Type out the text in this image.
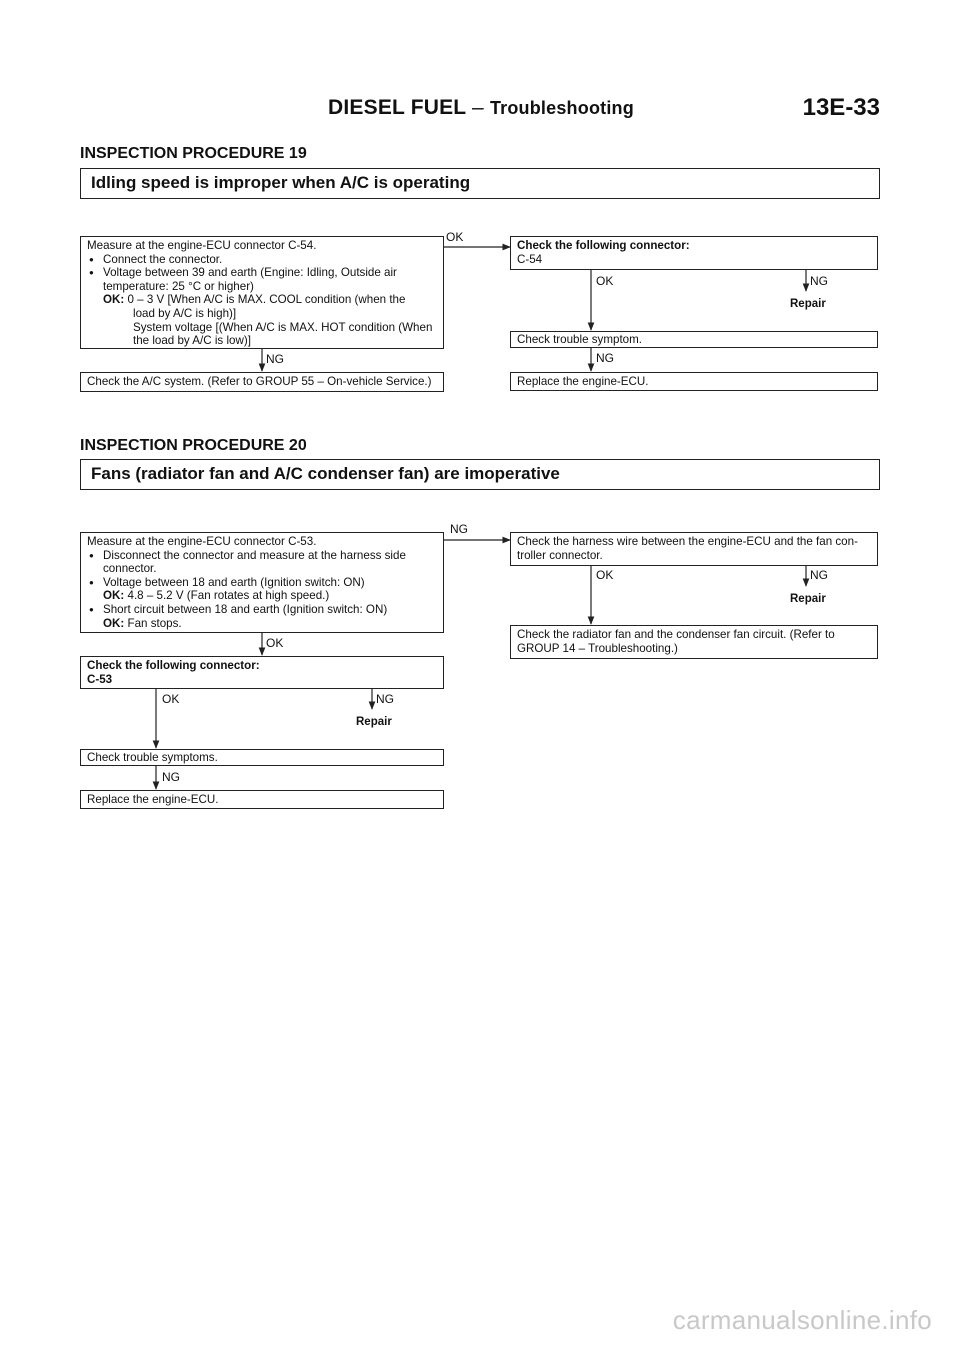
DIESEL FUEL – Troubleshooting	13E-33
INSPECTION PROCEDURE 19
Idling speed is improper when A/C is operating
Measure at the engine-ECU connector C-54.
● Connect the connector.
● Voltage between 39 and earth (Engine: Idling, Outside air
temperature: 25 °C or higher)
OK: 0 – 3 V [When A/C is MAX. COOL condition (when the
load by A/C is high)]
System voltage [(When A/C is MAX. HOT condition (When
the load by A/C is low)]
OK
NG
Check the A/C system. (Refer to GROUP 55 – On-vehicle Service.)
Check the following connector:
C-54
OK	NG
Repair
Check trouble symptom.
NG
Replace the engine-ECU.
INSPECTION PROCEDURE 20
Fans (radiator fan and A/C condenser fan) are imoperative
Measure at the engine-ECU connector C-53.
● Disconnect the connector and measure at the harness side
connector.
● Voltage between 18 and earth (Ignition switch: ON)
OK: 4.8 – 5.2 V (Fan rotates at high speed.)
● Short circuit between 18 and earth (Ignition switch: ON)
OK: Fan stops.
NG
OK
Check the harness wire between the engine-ECU and the fan con-
troller connector.
OK	NG
Repair
Check the radiator fan and the condenser fan circuit. (Refer to
GROUP 14 – Troubleshooting.)
Check the following connector:
C-53
OK	NG
Repair
Check trouble symptoms.
NG
Replace the engine-ECU.
carmanualsonline.info
